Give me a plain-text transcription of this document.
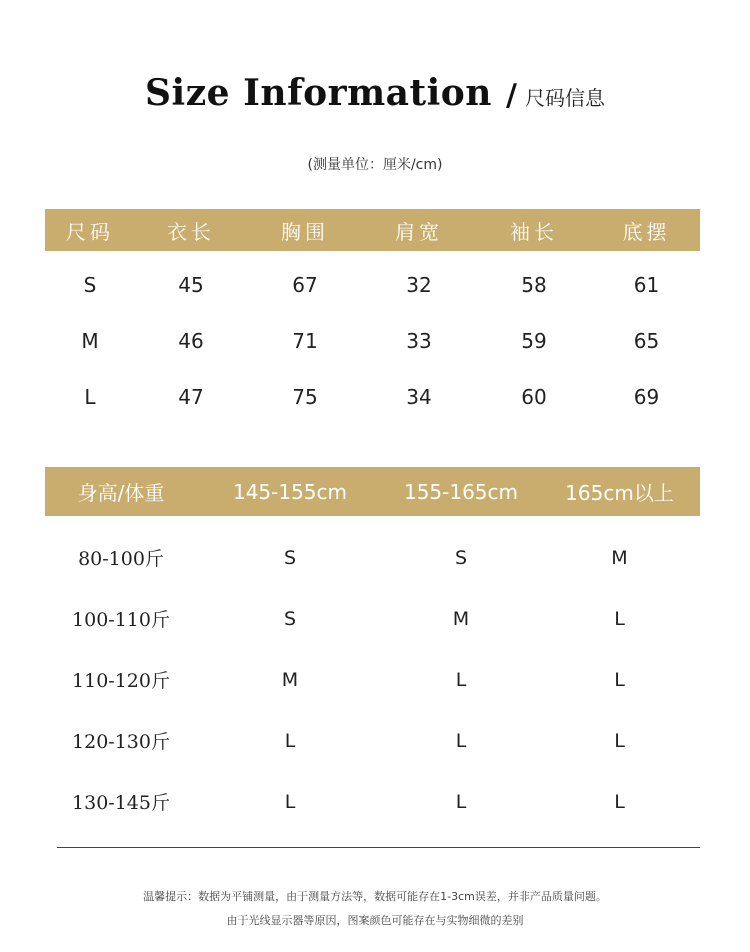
Size Information / 尺码信息
(测量单位：厘米/cm)
尺码	衣长	胸围	肩宽	袖长	底摆
S	45	67	32	58	61
M	46	71	33	59	65
L	47	75	34	60	69
身高/体重	145-155cm	155-165cm	165cm以上
80-100斤	S	S	M
100-110斤	S	M	L
110-120斤	M	L	L
120-130斤	L	L	L
130-145斤	L	L	L
温馨提示：数据为平铺测量，由于测量方法等，数据可能存在1-3cm误差，并非产品质量问题。
由于光线显示器等原因，图案颜色可能存在与实物细微的差别
